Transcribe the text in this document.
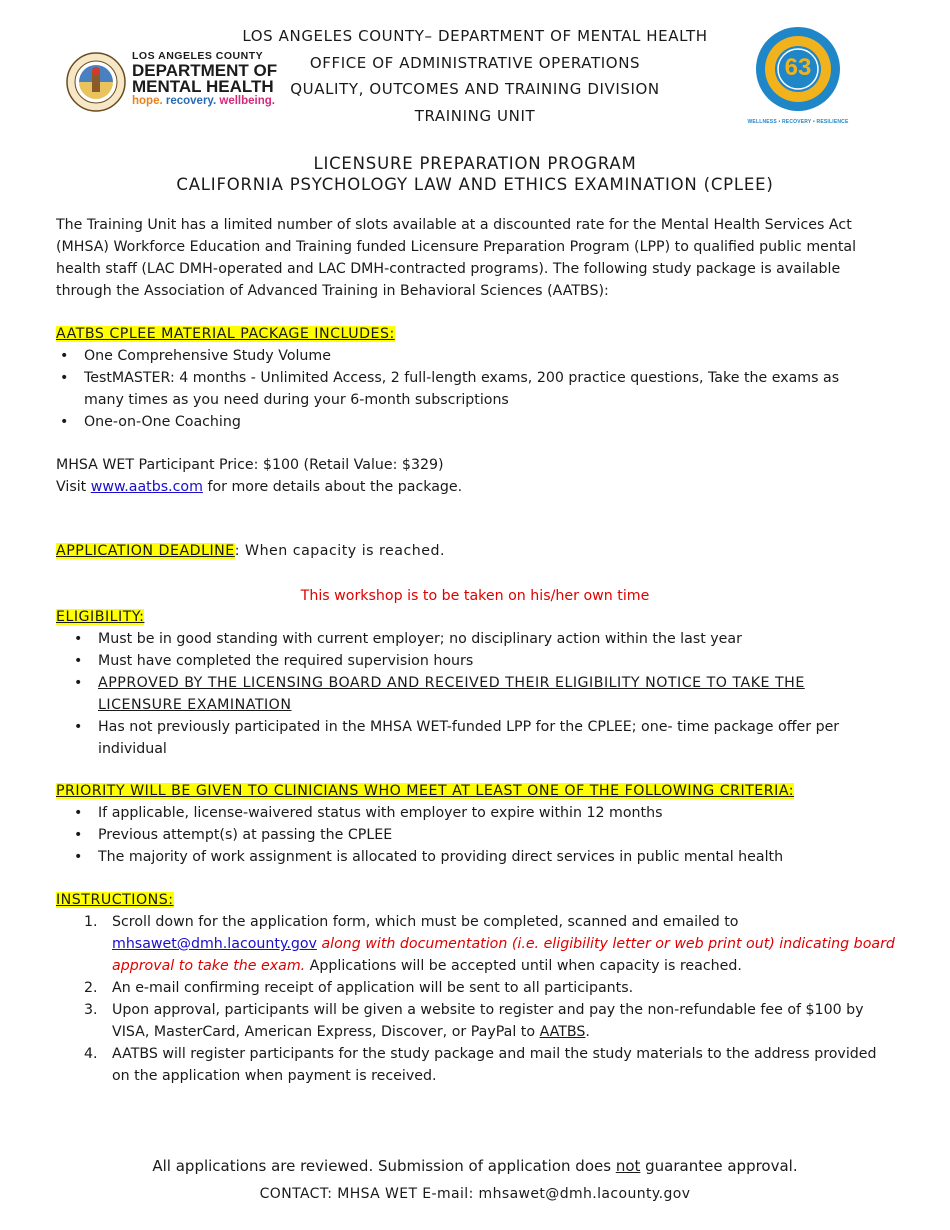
LOS ANGELES COUNTY
DEPARTMENT OF
MENTAL HEALTH
hope. recovery. wellbeing.
LOS ANGELES COUNTY– DEPARTMENT OF MENTAL HEALTH
OFFICE OF ADMINISTRATIVE OPERATIONS
QUALITY, OUTCOMES AND TRAINING DIVISION
TRAINING UNIT
63
WELLNESS • RECOVERY • RESILIENCE
LICENSURE PREPARATION PROGRAM
CALIFORNIA PSYCHOLOGY LAW AND ETHICS EXAMINATION (CPLEE)
The Training Unit has a limited number of slots available at a discounted rate for the Mental Health Services Act (MHSA) Workforce Education and Training funded Licensure Preparation Program (LPP) to qualified public mental health staff (LAC DMH-operated and LAC DMH-contracted programs). The following study package is available through the Association of Advanced Training in Behavioral Sciences (AATBS):
AATBS CPLEE MATERIAL PACKAGE INCLUDES:
• One Comprehensive Study Volume
• TestMASTER: 4 months - Unlimited Access, 2 full-length exams, 200 practice questions, Take the exams as many times as you need during your 6-month subscriptions
• One-on-One Coaching
MHSA WET Participant Price: $100 (Retail Value: $329)
Visit www.aatbs.com for more details about the package.
APPLICATION DEADLINE: When capacity is reached.
This workshop is to be taken on his/her own time
ELIGIBILITY:
• Must be in good standing with current employer; no disciplinary action within the last year
• Must have completed the required supervision hours
• APPROVED BY THE LICENSING BOARD AND RECEIVED THEIR ELIGIBILITY NOTICE TO TAKE THE LICENSURE EXAMINATION
• Has not previously participated in the MHSA WET-funded LPP for the CPLEE; one- time package offer per individual
PRIORITY WILL BE GIVEN TO CLINICIANS WHO MEET AT LEAST ONE OF THE FOLLOWING CRITERIA:
• If applicable, license-waivered status with employer to expire within 12 months
• Previous attempt(s) at passing the CPLEE
• The majority of work assignment is allocated to providing direct services in public mental health
INSTRUCTIONS:
1. Scroll down for the application form, which must be completed, scanned and emailed to mhsawet@dmh.lacounty.gov along with documentation (i.e. eligibility letter or web print out) indicating board approval to take the exam. Applications will be accepted until when capacity is reached.
2. An e-mail confirming receipt of application will be sent to all participants.
3. Upon approval, participants will be given a website to register and pay the non-refundable fee of $100 by VISA, MasterCard, American Express, Discover, or PayPal to AATBS.
4. AATBS will register participants for the study package and mail the study materials to the address provided on the application when payment is received.
All applications are reviewed. Submission of application does not guarantee approval.
CONTACT: MHSA WET E-mail: mhsawet@dmh.lacounty.gov
